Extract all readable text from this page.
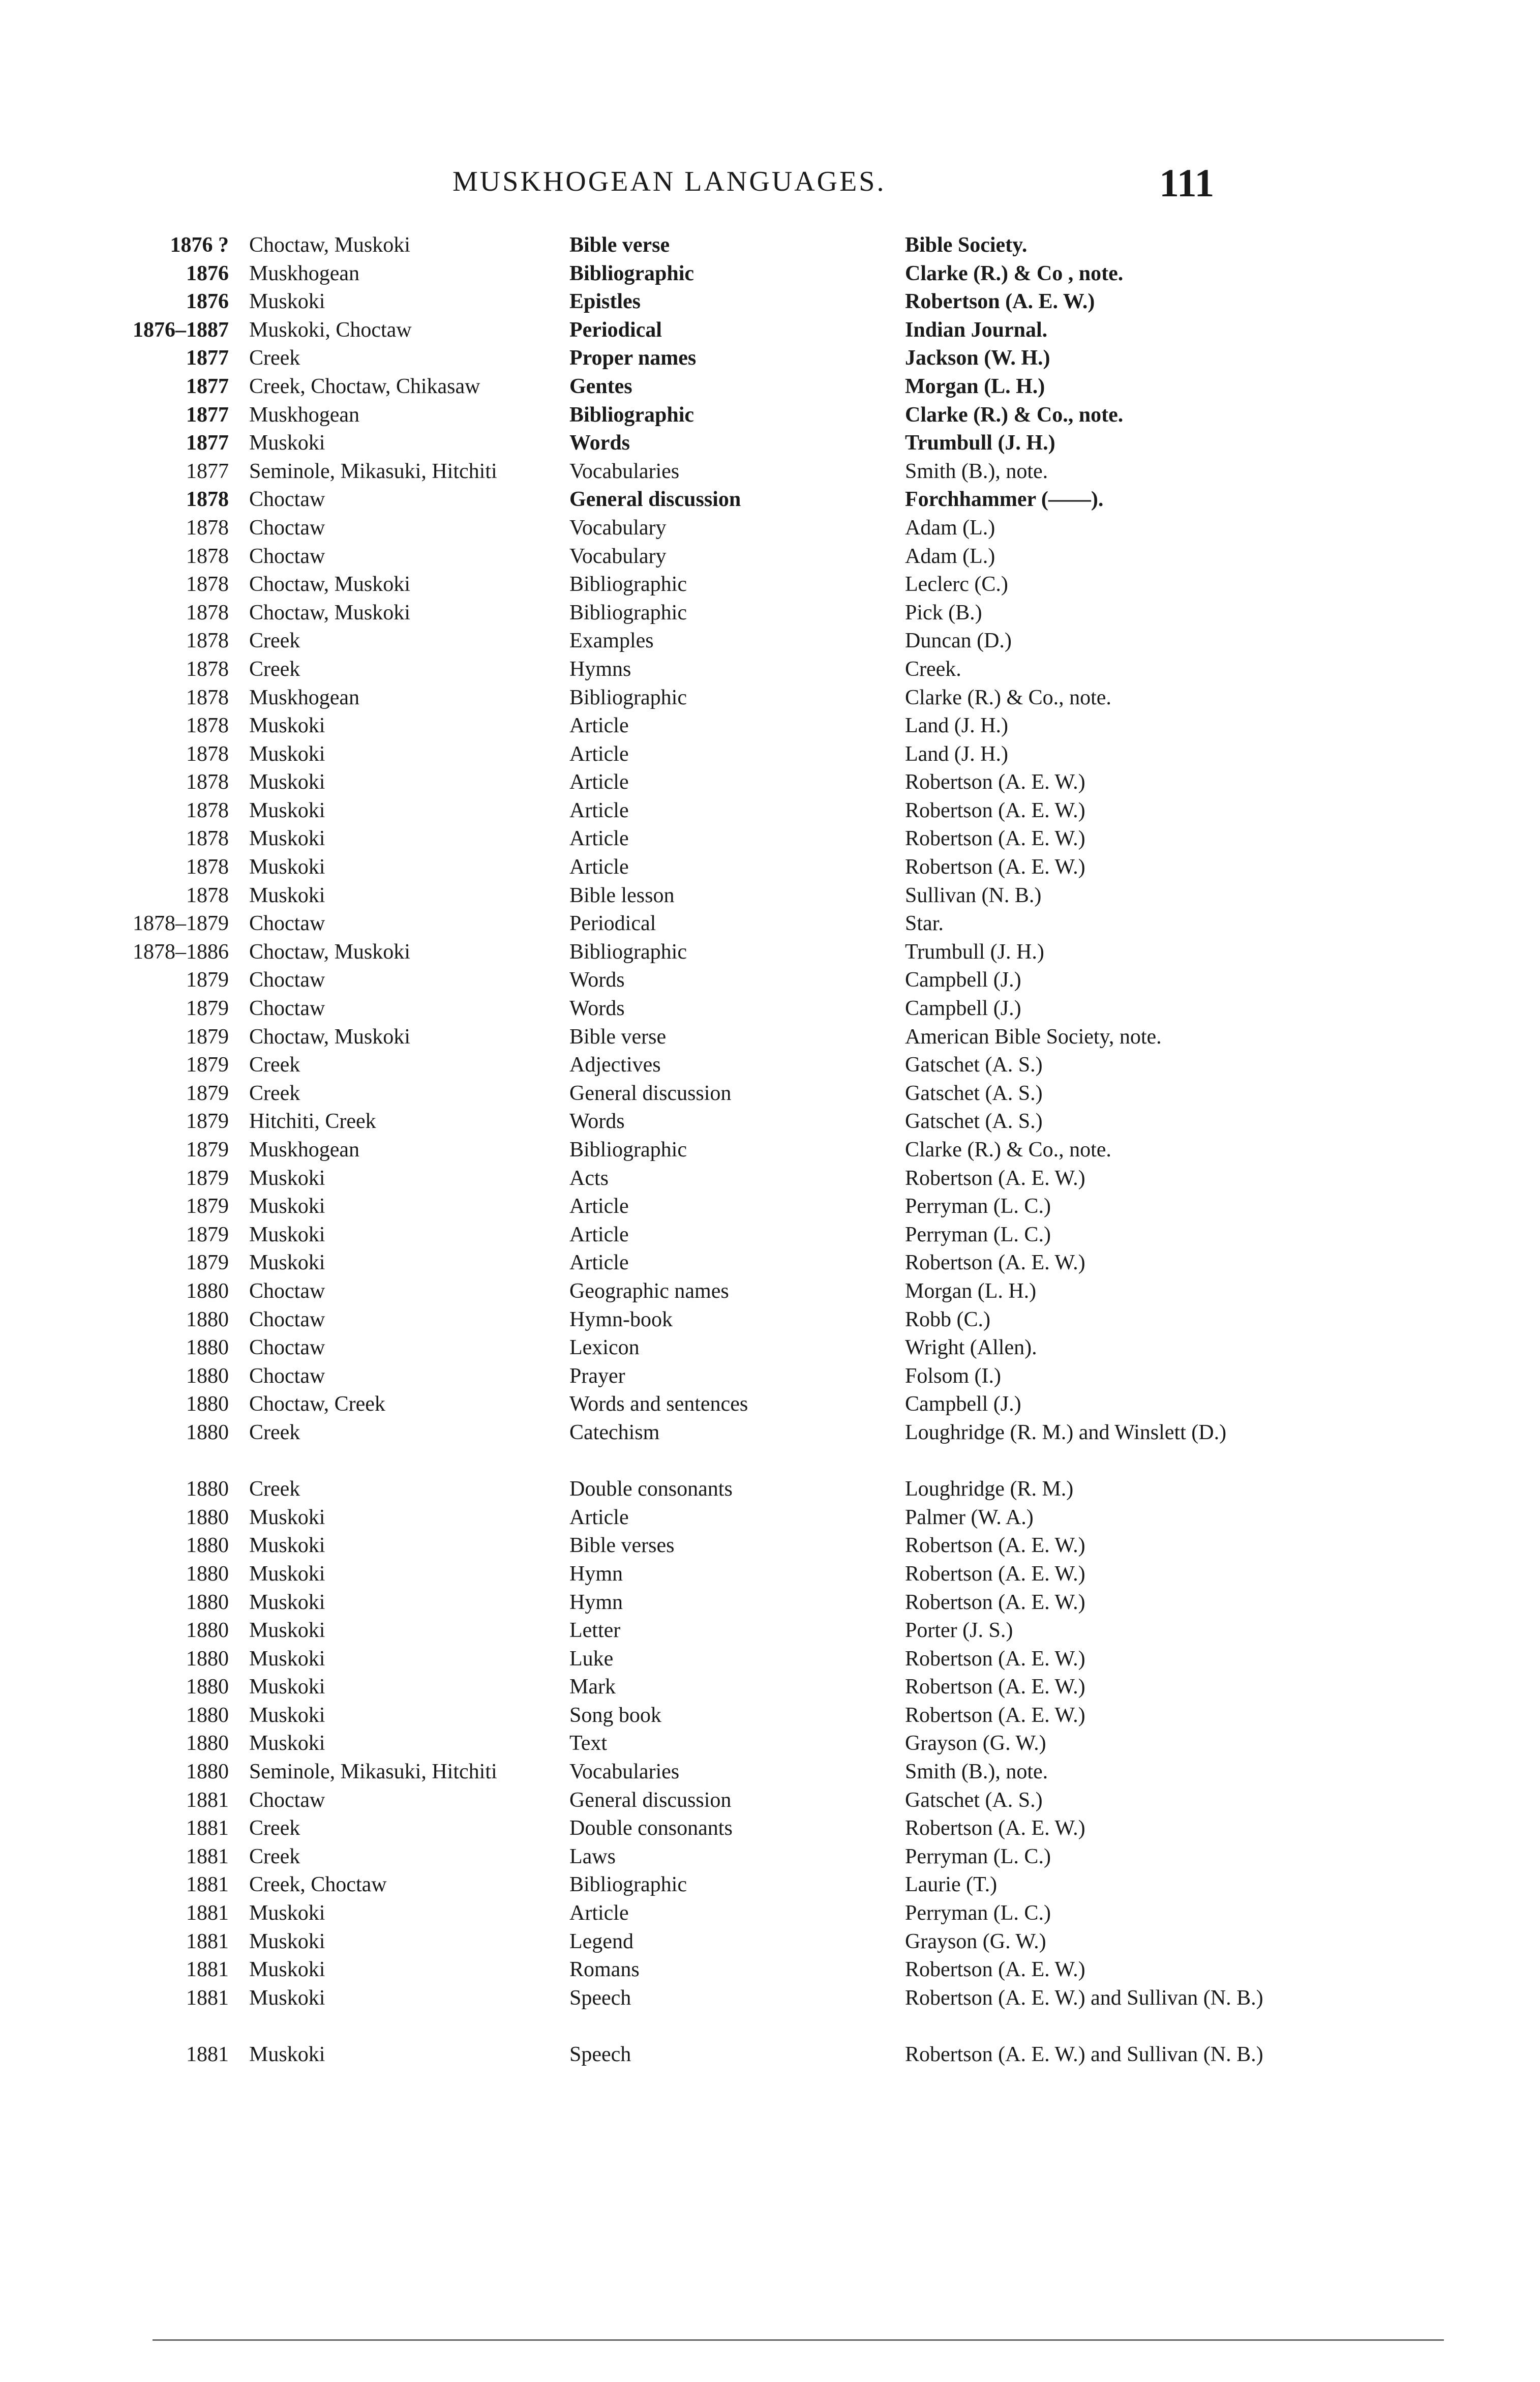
MUSKHOGEAN LANGUAGES.	111
1876 ? Choctaw, Muskoki	Bible verse	Bible Society.
1876 Muskhogean	Bibliographic	Clarke (R.) & Co , note.
1876 Muskoki	Epistles	Robertson (A. E. W.)
1876–1887 Muskoki, Choctaw	Periodical	Indian Journal.
1877 Creek	Proper names	Jackson (W. H.)
1877 Creek, Choctaw, Chikasaw	Gentes	Morgan (L. H.)
1877 Muskhogean	Bibliographic	Clarke (R.) & Co., note.
1877 Muskoki	Words	Trumbull (J. H.)
1877 Seminole, Mikasuki, Hitchiti	Vocabularies	Smith (B.), note.
1878 Choctaw	General discussion	Forchhammer (——).
1878 Choctaw	Vocabulary	Adam (L.)
1878 Choctaw	Vocabulary	Adam (L.)
1878 Choctaw, Muskoki	Bibliographic	Leclerc (C.)
1878 Choctaw, Muskoki	Bibliographic	Pick (B.)
1878 Creek	Examples	Duncan (D.)
1878 Creek	Hymns	Creek.
1878 Muskhogean	Bibliographic	Clarke (R.) & Co., note.
1878 Muskoki	Article	Land (J. H.)
1878 Muskoki	Article	Land (J. H.)
1878 Muskoki	Article	Robertson (A. E. W.)
1878 Muskoki	Article	Robertson (A. E. W.)
1878 Muskoki	Article	Robertson (A. E. W.)
1878 Muskoki	Article	Robertson (A. E. W.)
1878 Muskoki	Bible lesson	Sullivan (N. B.)
1878–1879 Choctaw	Periodical	Star.
1878–1886 Choctaw, Muskoki	Bibliographic	Trumbull (J. H.)
1879 Choctaw	Words	Campbell (J.)
1879 Choctaw	Words	Campbell (J.)
1879 Choctaw, Muskoki	Bible verse	American Bible Society, note.
1879 Creek	Adjectives	Gatschet (A. S.)
1879 Creek	General discussion	Gatschet (A. S.)
1879 Hitchiti, Creek	Words	Gatschet (A. S.)
1879 Muskhogean	Bibliographic	Clarke (R.) & Co., note.
1879 Muskoki	Acts	Robertson (A. E. W.)
1879 Muskoki	Article	Perryman (L. C.)
1879 Muskoki	Article	Perryman (L. C.)
1879 Muskoki	Article	Robertson (A. E. W.)
1880 Choctaw	Geographic names	Morgan (L. H.)
1880 Choctaw	Hymn-book	Robb (C.)
1880 Choctaw	Lexicon	Wright (Allen).
1880 Choctaw	Prayer	Folsom (I.)
1880 Choctaw, Creek	Words and sentences	Campbell (J.)
1880 Creek	Catechism	Loughridge (R. M.) and Winslett (D.)
1880 Creek	Double consonants	Loughridge (R. M.)
1880 Muskoki	Article	Palmer (W. A.)
1880 Muskoki	Bible verses	Robertson (A. E. W.)
1880 Muskoki	Hymn	Robertson (A. E. W.)
1880 Muskoki	Hymn	Robertson (A. E. W.)
1880 Muskoki	Letter	Porter (J. S.)
1880 Muskoki	Luke	Robertson (A. E. W.)
1880 Muskoki	Mark	Robertson (A. E. W.)
1880 Muskoki	Song book	Robertson (A. E. W.)
1880 Muskoki	Text	Grayson (G. W.)
1880 Seminole, Mikasuki, Hitchiti	Vocabularies	Smith (B.), note.
1881 Choctaw	General discussion	Gatschet (A. S.)
1881 Creek	Double consonants	Robertson (A. E. W.)
1881 Creek	Laws	Perryman (L. C.)
1881 Creek, Choctaw	Bibliographic	Laurie (T.)
1881 Muskoki	Article	Perryman (L. C.)
1881 Muskoki	Legend	Grayson (G. W.)
1881 Muskoki	Romans	Robertson (A. E. W.)
1881 Muskoki	Speech	Robertson (A. E. W.) and Sullivan (N. B.)
1881 Muskoki	Speech	Robertson (A. E. W.) and Sullivan (N. B.)
